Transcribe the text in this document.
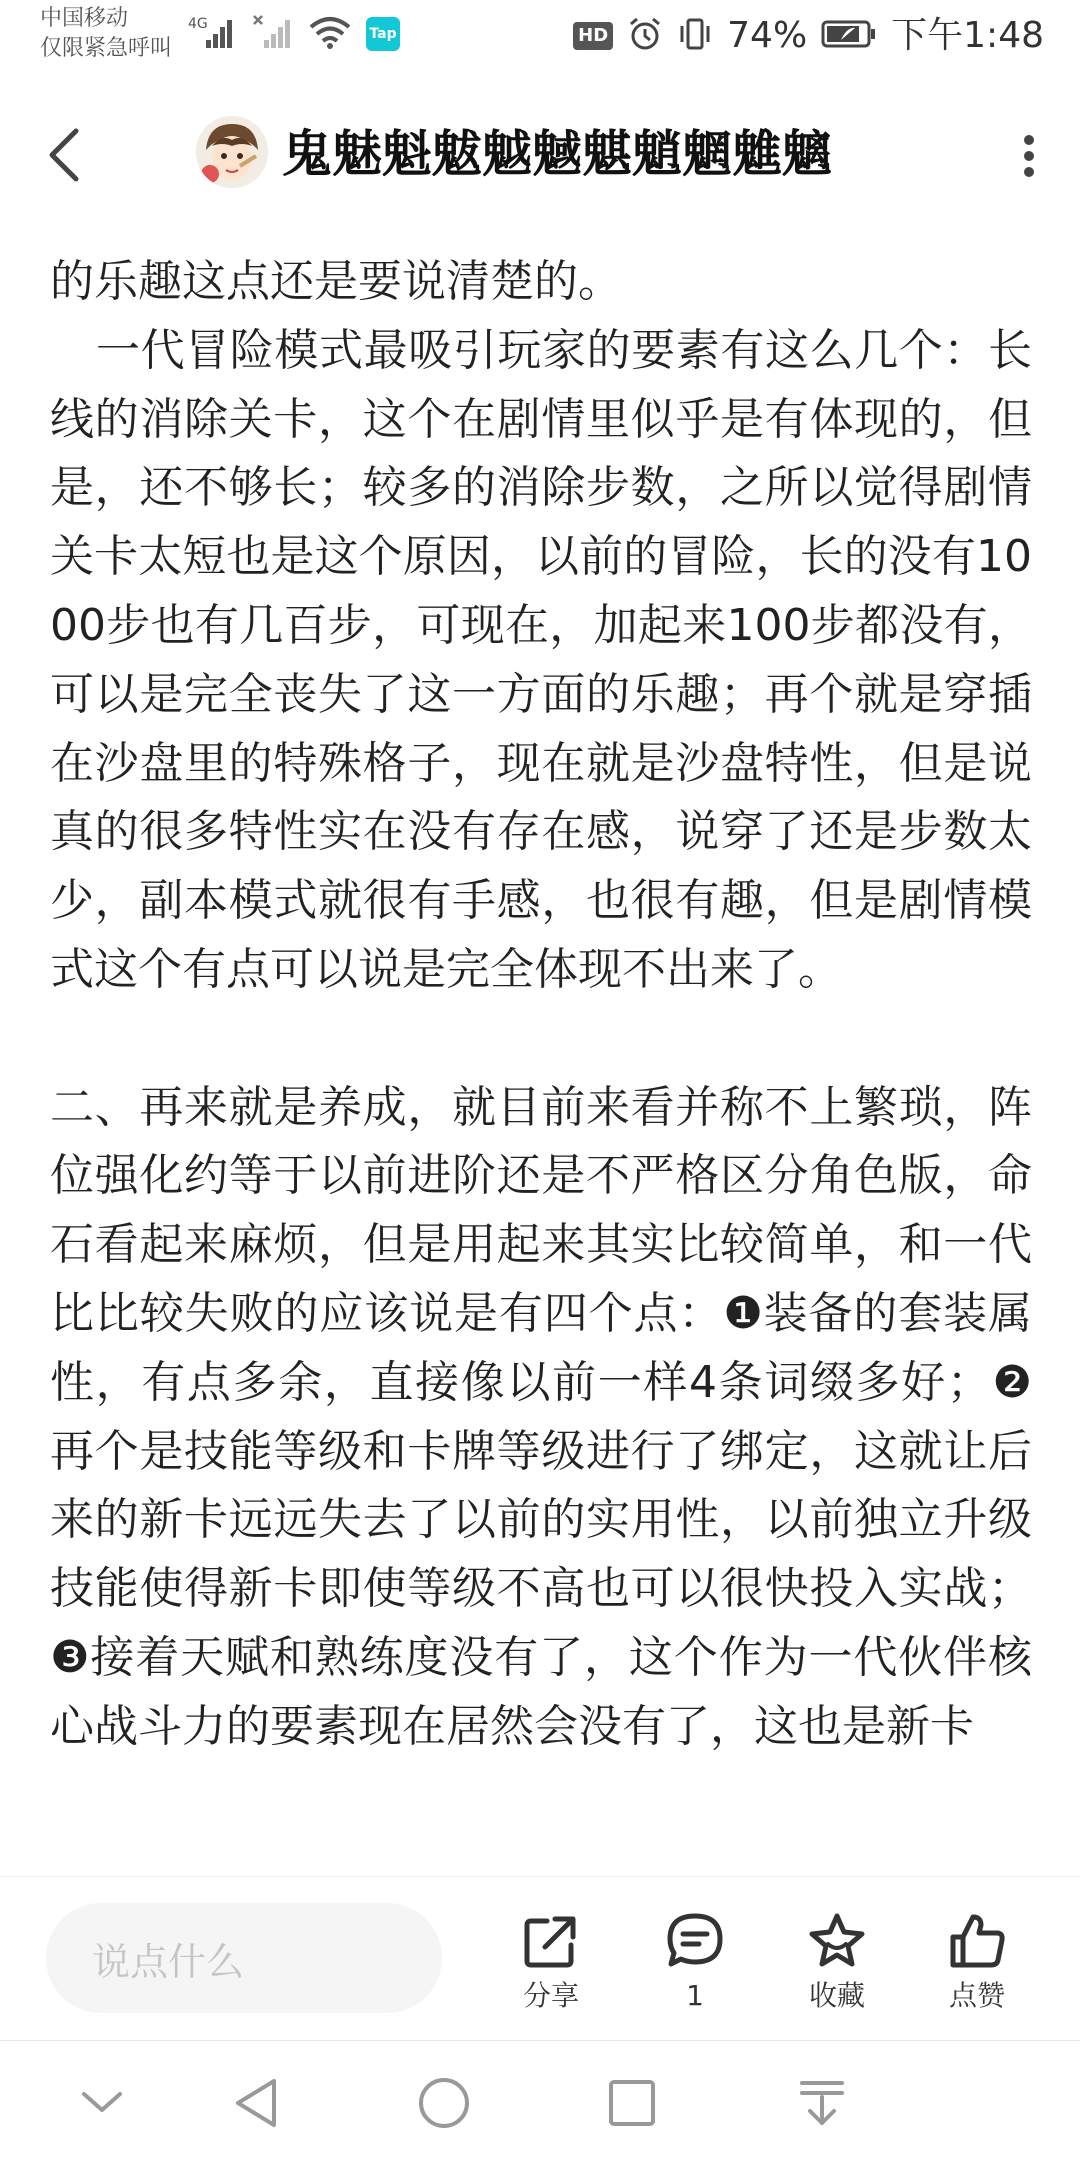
中国移动
仅限紧急呼叫
4G
Tap	HD	74% 下午1:48
鬼魅魁魃魆魊魌魈魍魋魑

的乐趣这点还是要说清楚的。

一代冒险模式最吸引玩家的要素有这么几个：长线的消除关卡，这个在剧情里似乎是有体现的，但是，还不够长；较多的消除步数，之所以觉得剧情关卡太短也是这个原因，以前的冒险，长的没有1000步也有几百步，可现在，加起来100步都没有，可以是完全丧失了这一方面的乐趣；再个就是穿插在沙盘里的特殊格子，现在就是沙盘特性，但是说真的很多特性实在没有存在感，说穿了还是步数太少，副本模式就很有手感，也很有趣，但是剧情模式这个有点可以说是完全体现不出来了。

二、再来就是养成，就目前来看并称不上繁琐，阵位强化约等于以前进阶还是不严格区分角色版，命石看起来麻烦，但是用起来其实比较简单，和一代比比较失败的应该说是有四个点：❶装备的套装属性，有点多余，直接像以前一样4条词缀多好；❷再个是技能等级和卡牌等级进行了绑定，这就让后来的新卡远远失去了以前的实用性，以前独立升级技能使得新卡即使等级不高也可以很快投入实战；❸接着天赋和熟练度没有了，这个作为一代伙伴核心战斗力的要素现在居然会没有了，这也是新卡

说点什么
分享	1	收藏	点赞
